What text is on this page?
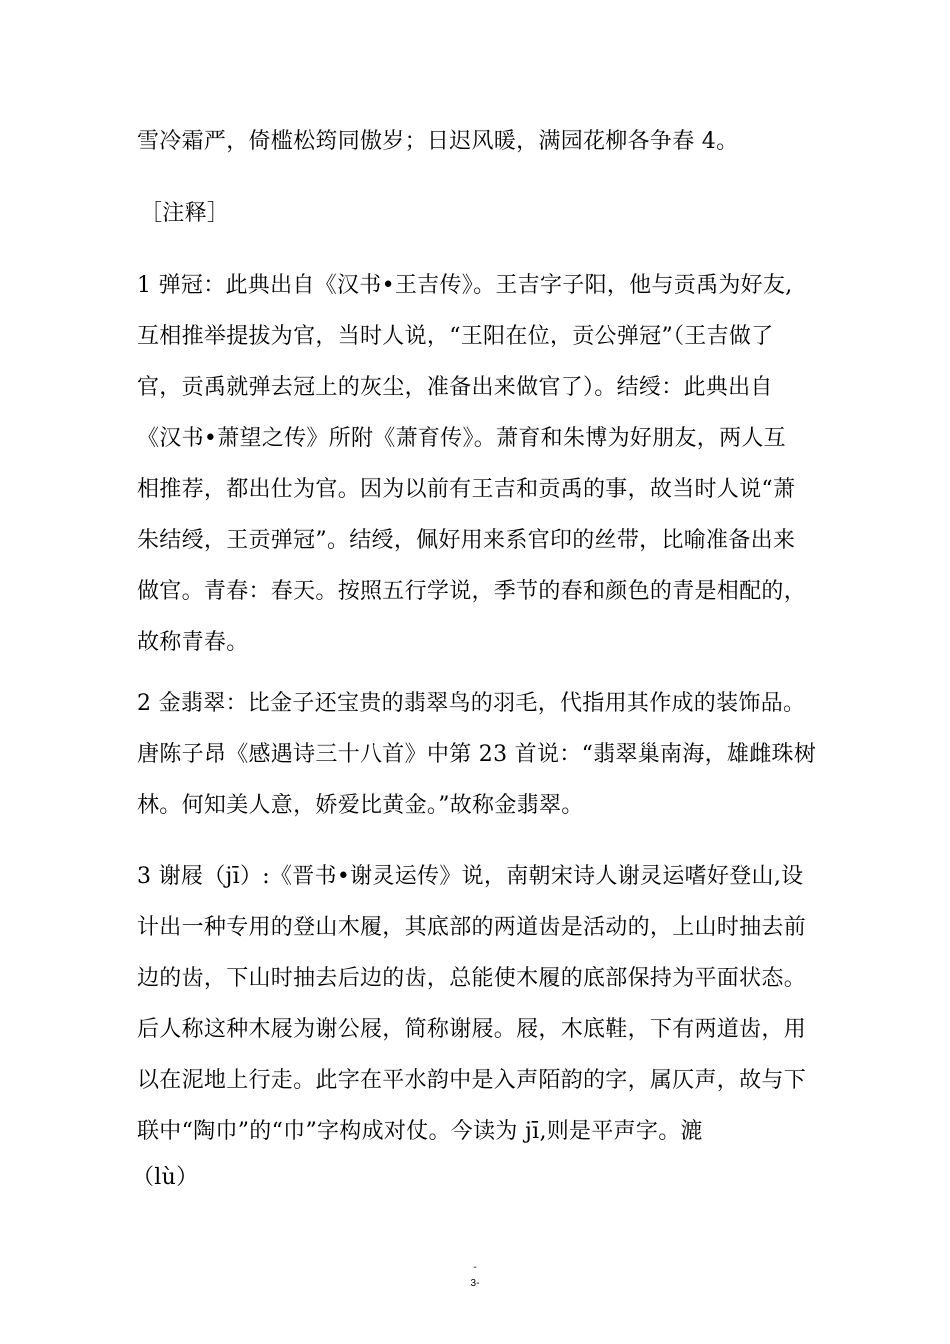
雪冷霜严，倚槛松筠同傲岁；日迟风暖，满园花柳各争春 4。
［注释］
1 弹冠：此典出自《汉书•王吉传》。王吉字子阳，他与贡禹为好友,
互相推举提拔为官，当时人说，“王阳在位，贡公弹冠”（王吉做了
官，贡禹就弹去冠上的灰尘，准备出来做官了）。结绶：此典出自
《汉书•萧望之传》所附《萧育传》。萧育和朱博为好朋友，两人互
相推荐，都出仕为官。因为以前有王吉和贡禹的事，故当时人说“萧
朱结绶，王贡弹冠”。结绶，佩好用来系官印的丝带，比喻准备出来
做官。青春：春天。按照五行学说，季节的春和颜色的青是相配的，
故称青春。
2 金翡翠：比金子还宝贵的翡翠鸟的羽毛，代指用其作成的装饰品。
唐陈子昂《感遇诗三十八首》中第 23 首说：“翡翠巢南海，雄雌珠树
林。何知美人意，娇爱比黄金。”故称金翡翠。
3 谢屐（jī）:《晋书•谢灵运传》说，南朝宋诗人谢灵运嗜好登山,设
计出一种专用的登山木履，其底部的两道齿是活动的，上山时抽去前
边的齿，下山时抽去后边的齿，总能使木履的底部保持为平面状态。
后人称这种木屐为谢公屐，简称谢屐。屐，木底鞋，下有两道齿，用
以在泥地上行走。此字在平水韵中是入声陌韵的字，属仄声，故与下
联中“陶巾”的“巾”字构成对仗。今读为 jī,则是平声字。漉
（lù）
-
3-
